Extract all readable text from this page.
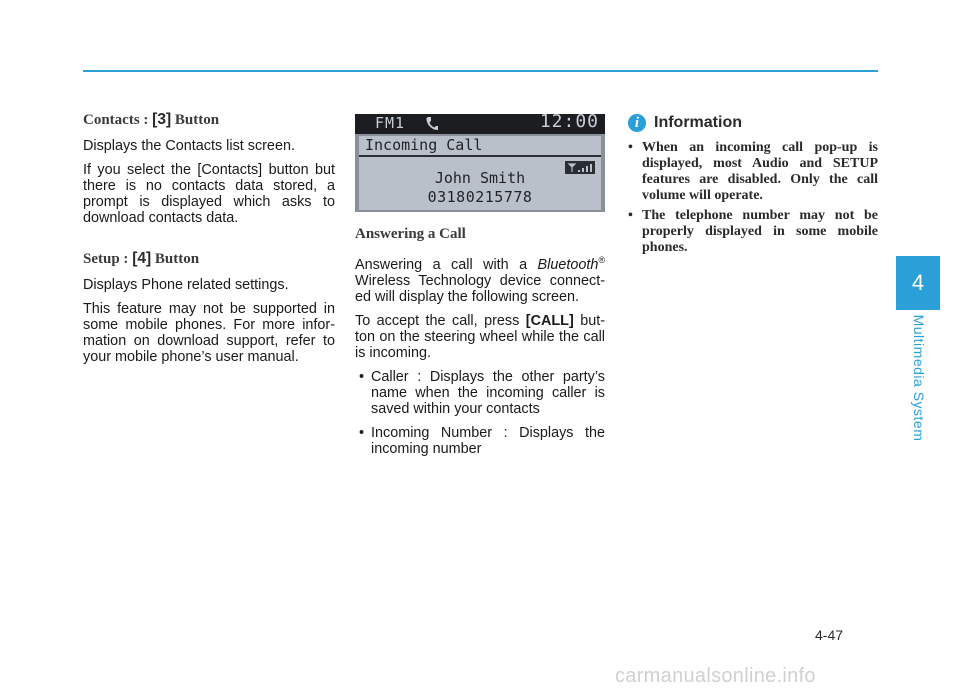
Contacts : [3] Button

Displays the Contacts list screen.

If you select the [Contacts] button but there is no contacts data stored, a prompt is displayed which asks to download contacts data.

Setup : [4] Button

Displays Phone related settings.

This feature may not be supported in some mobile phones. For more infor-mation on download support, refer to your mobile phone’s user manual.

FM1	12:00
Incoming Call
John Smith
03180215778
Answering a Call

Answering a call with a Bluetooth® Wireless Technology device connect-ed will display the following screen.

To accept the call, press [CALL] but-ton on the steering wheel while the call is incoming.

• Caller : Displays the other party’s name when the incoming caller is saved within your contacts
• Incoming Number : Displays the incoming number
i Information
• When an incoming call pop-up is displayed, most Audio and SETUP features are disabled. Only the call volume will operate.
• The telephone number may not be properly displayed in some mobile phones.
4
Multimedia System
4-47
carmanualsonline.info
